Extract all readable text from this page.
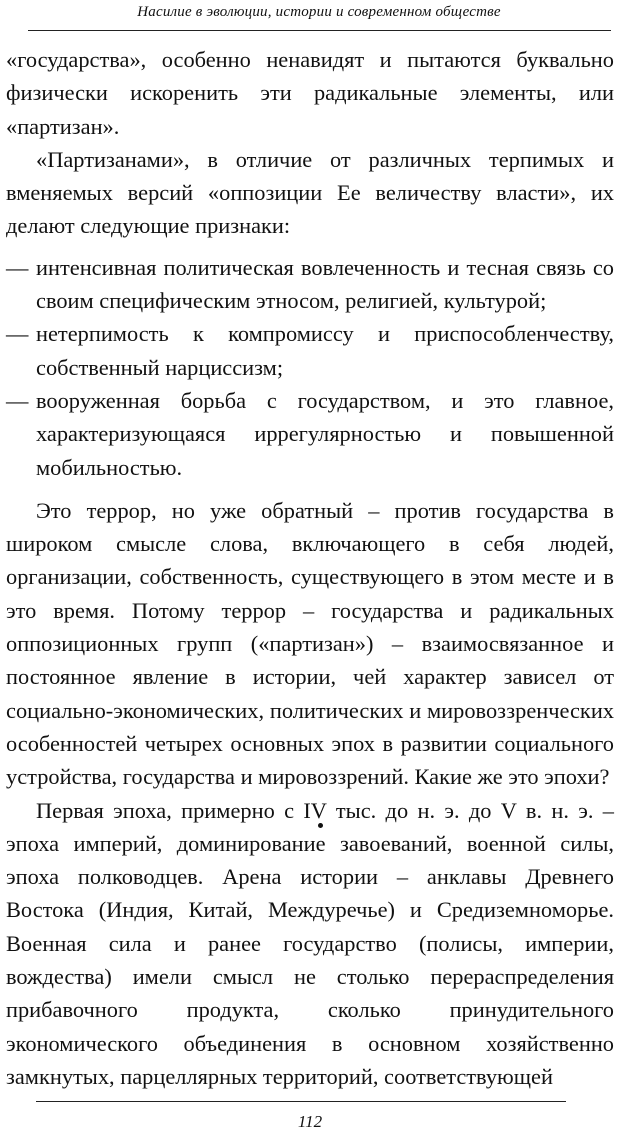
Насилие в эволюции, истории и современном обществе

«государства», особенно ненавидят и пытаются буквально физически искоренить эти радикальные элементы, или «партизан».

«Партизанами», в отличие от различных терпимых и вменяемых версий «оппозиции Ее величеству власти», их делают следующие признаки:

— интенсивная политическая вовлеченность и тесная связь со своим специфическим этносом, религией, культурой;
— нетерпимость к компромиссу и приспособленчеству, собственный нарциссизм;
— вооруженная борьба с государством, и это главное, характеризующаяся иррегулярностью и повышенной мобильностью.

Это террор, но уже обратный – против государства в широком смысле слова, включающего в себя людей, организации, собственность, существующего в этом месте и в это время. Потому террор – государства и радикальных оппозиционных групп («партизан») – взаимосвязанное и постоянное явление в истории, чей характер зависел от социально-экономических, политических и мировоззренческих особенностей четырех основных эпох в развитии социального устройства, государства и мировоззрений. Какие же это эпохи?

Первая эпоха, примерно с IV тыс. до н. э. до V в. н. э. – эпоха империй, доминирование завоеваний, военной силы, эпоха полководцев. Арена истории – анклавы Древнего Востока (Индия, Китай, Междуречье) и Средиземноморье. Военная сила и ранее государство (полисы, империи, вождества) имели смысл не столько перераспределения прибавочного продукта, сколько принудительного экономического объединения в основном хозяйственно замкнутых, парцеллярных территорий, соответствующей

112
